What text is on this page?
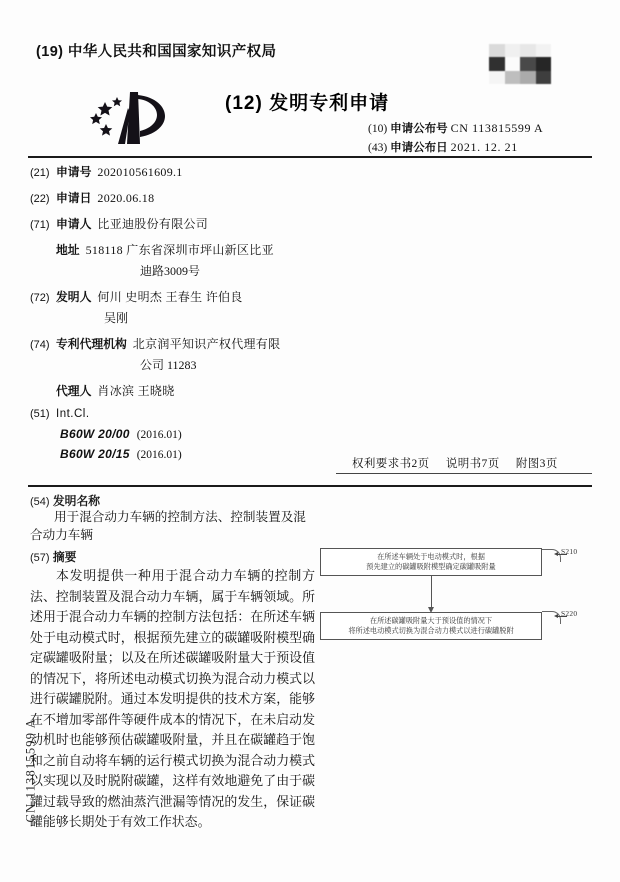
CN 113815599 A
(19) 中华人民共和国国家知识产权局
(12) 发明专利申请
(10) 申请公布号 CN 113815599 A
(43) 申请公布日 2021. 12. 21
(21) 申请号 202010561609.1
(22) 申请日 2020.06.18
(71) 申请人 比亚迪股份有限公司
地址 518118 广东省深圳市坪山新区比亚
迪路3009号
(72) 发明人 何川 史明杰 王春生 许伯良
吴刚
(74) 专利代理机构 北京润平知识产权代理有限
公司 11283
代理人 肖冰滨 王晓晓
(51) Int.Cl.
B60W 20/00 (2016.01)
B60W 20/15 (2016.01)
权利要求书2页 说明书7页 附图3页
(54) 发明名称
用于混合动力车辆的控制方法、控制装置及混合动力车辆
(57) 摘要
本发明提供一种用于混合动力车辆的控制方法、控制装置及混合动力车辆，属于车辆领域。所述用于混合动力车辆的控制方法包括：在所述车辆处于电动模式时，根据预先建立的碳罐吸附模型确定碳罐吸附量；以及在所述碳罐吸附量大于预设值的情况下，将所述电动模式切换为混合动力模式以进行碳罐脱附。通过本发明提供的技术方案，能够在不增加零部件等硬件成本的情况下，在未启动发动机时也能够预估碳罐吸附量，并且在碳罐趋于饱和之前自动将车辆的运行模式切换为混合动力模式以实现以及时脱附碳罐，这样有效地避免了由于碳罐过载导致的燃油蒸汽泄漏等情况的发生，保证碳罐能够长期处于有效工作状态。
在所述车辆处于电动模式时，根据
预先建立的碳罐吸附模型确定碳罐吸附量
S210
在所述碳罐吸附量大于预设值的情况下
将所述电动模式切换为混合动力模式以进行碳罐脱附
S220
